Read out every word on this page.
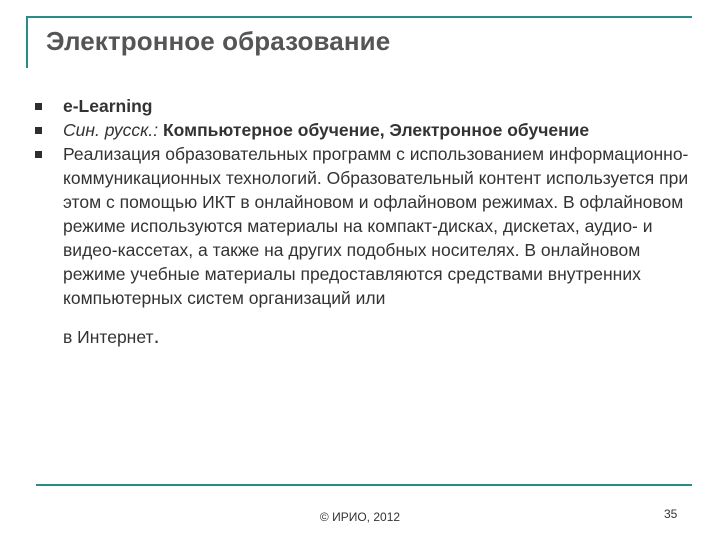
Электронное образование
e-Learning
Син. русск.: Компьютерное обучение, Электронное обучение
Реализация образовательных программ с использованием информационно-коммуникационных технологий. Образовательный контент используется при этом с помощью ИКТ в онлайновом и офлайновом режимах. В офлайновом режиме используются материалы на компакт-дисках, дискетах, аудио- и видео-кассетах, а также на других подобных носителях. В онлайновом режиме учебные материалы предоставляются средствами внутренних компьютерных систем организаций или
в Интернет.
© ИРИО, 2012	35
